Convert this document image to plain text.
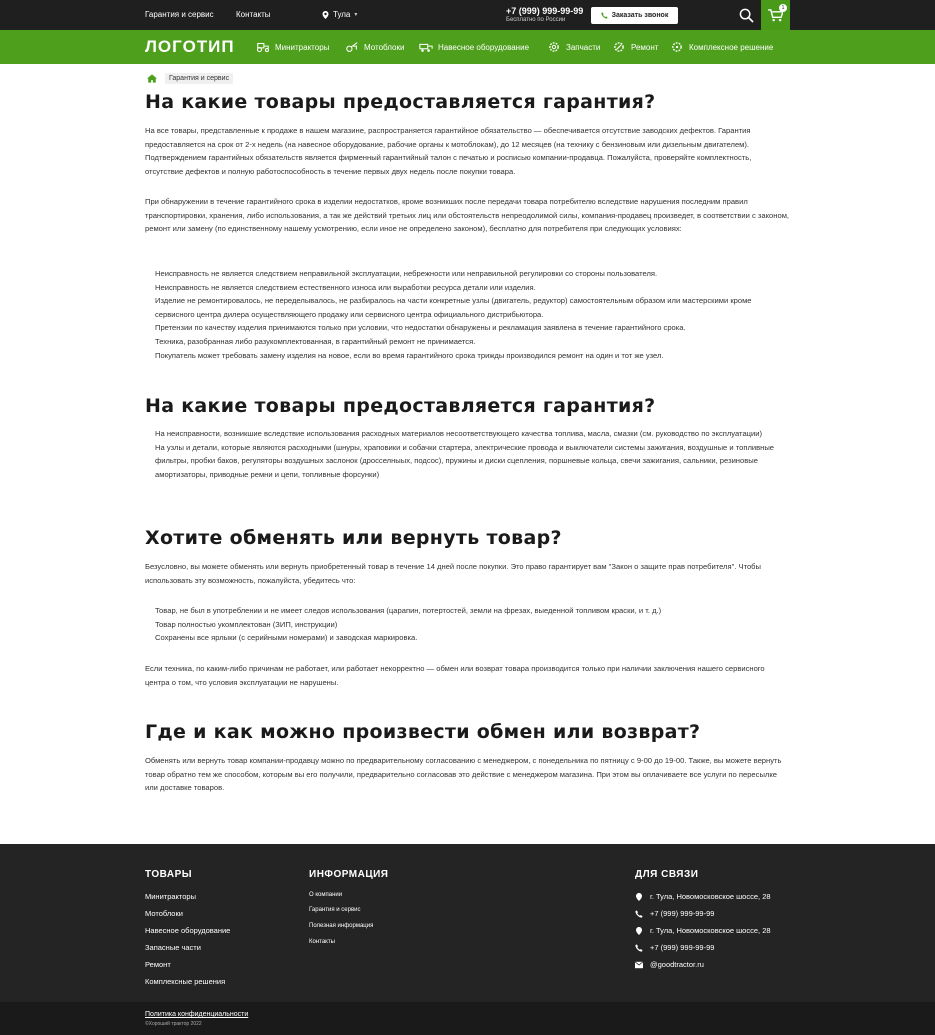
Гарантия и сервис	Контакты	Тула ▾	+7 (999) 999-99-99
Бесплатно по России
Заказать звонок
1
ЛОГОТИП	Минитракторы	Мотоблоки	Навесное оборудование	Запчасти	Ремонт	Комплексное решение
Гарантия и сервис
На какие товары предоставляется гарантия?

На все товары, представленные к продаже в нашем магазине, распространяется гарантийное обязательство — обеспечивается отсутствие заводских дефектов. Гарантия предоставляется на срок от 2-х недель (на навесное оборудование, рабочие органы к мотоблокам), до 12 месяцев (на технику с бензиновым или дизельным двигателем). Подтверждением гарантийных обязательств является фирменный гарантийный талон с печатью и росписью компании-продавца. Пожалуйста, проверяйте комплектность, отсутствие дефектов и полную работоспособность в течение первых двух недель после покупки товара.

При обнаружении в течение гарантийного срока в изделии недостатков, кроме возникших после передачи товара потребителю вследствие нарушения последним правил транспортировки, хранения, либо использования, а так же действий третьих лиц или обстоятельств непреодолимой силы, компания-продавец произведет, в соответствии с законом, ремонт или замену (по единственному нашему усмотрению, если иное не определено законом), бесплатно для потребителя при следующих условиях:

Неисправность не является следствием неправильной эксплуатации, небрежности или неправильной регулировки со стороны пользователя.
Неисправность не является следствием естественного износа или выработки ресурса детали или изделия.
Изделие не ремонтировалось, не переделывалось, не разбиралось на части конкретные узлы (двигатель, редуктор) самостоятельным образом или мастерскими кроме сервисного центра дилера осуществляющего продажу или сервисного центра официального дистрибьютора.
Претензии по качеству изделия принимаются только при условии, что недостатки обнаружены и рекламация заявлена в течение гарантийного срока.
Техника, разобранная либо разукомплектованная, в гарантийный ремонт не принимается.
Покупатель может требовать замену изделия на новое, если во время гарантийного срока трижды производился ремонт на один и тот же узел.
На какие товары предоставляется гарантия?
На неисправности, возникшие вследствие использования расходных материалов несоответствующего качества топлива, масла, смазки (см. руководство по эксплуатации)
На узлы и детали, которые являются расходными (шнуры, храповики и собачки стартера, электрические провода и выключатели системы зажигания, воздушные и топливные фильтры, пробки баков, регуляторы воздушных заслонок (дросселныых, подсос), пружины и диски сцепления, поршневые кольца, свечи зажигания, сальники, резиновые амортизаторы, приводные ремни и цепи, топливные форсунки)
Хотите обменять или вернуть товар?

Безусловно, вы можете обменять или вернуть приобретенный товар в течение 14 дней после покупки. Это право гарантирует вам "Закон о защите прав потребителя". Чтобы использовать эту возможность, пожалуйста, убедитесь что:

Товар, не был в употреблении и не имеет следов использования (царапин, потертостей, земли на фрезах, выеденной топливом краски, и т. д.)
Товар полностью укомплектован (ЗИП, инструкции)
Сохранены все ярлыки (с серийными номерами) и заводская маркировка.

Если техника, по каким-либо причинам не работает, или работает некорректно — обмен или возврат товара производится только при наличии заключения нашего сервисного центра о том, что условия эксплуатации не нарушены.

Где и как можно произвести обмен или возврат?

Обменять или вернуть товар компании-продавцу можно по предварительному согласованию с менеджером, с понедельника по пятницу с 9-00 до 19-00. Также, вы можете вернуть товар обратно тем же способом, которым вы его получили, предварительно согласовав это действие с менеджером магазина. При этом вы оплачиваете все услуги по пересылке или доставке товаров.

ТОВАРЫ
Минитракторы
Мотоблоки
Навесное оборудование
Запасные части
Ремонт
Комплексные решения
ИНФОРМАЦИЯ
О компании
Гарантия и сервис
Полезная информация
Контакты
ДЛЯ СВЯЗИ
г. Тула, Новомосковское шоссе, 28
+7 (999) 999-99-99
г. Тула, Новомосковское шоссе, 28
+7 (999) 999-99-99
@goodtractor.ru
Политика конфиденциальности
©Хороший трактор 2022
